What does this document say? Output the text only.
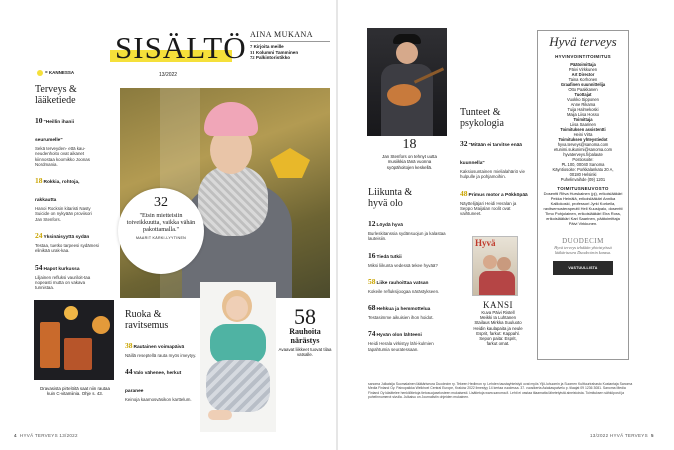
SISÄLTÖ
13/2022
AINA MUKANA
7 Kirjoita meille
31 Kolumni Tamminen
72 Palkintoristikko
= KANNESSA
Terveys & lääketiede
10"Heillin ihanii seurumelle"
Sekä terveyden- että kau-neudenhoito ovat aikanet kiinnostaa koomikko Joonas Nordmania.
18Rokkia, rohtoja, rakkautta
Hanoi Rocksin kitaristi Nasty Suicide on nykyään proviisori Jan Stenfors.
24Yksinäisyyttä sydän
Testaa, tuetko tarpeesi sydämesi elinikää urak-kaa.
54Hapot kurkussa
Liljainen refluksi vauriloit-taa nopeasti mutta on vakava tunnistaa.
32
"Etsin mietteisiin toiveikkuutta, vaikka vähän pakottamalla."
MAARIT KÄRKI-LYYTINEN
Ruoka & ravitsemus
38Rautainen voimapäivä
Näillä reseptellä rauta myös imeytyy.
44Valo vähenee, herkut paranee
Keinoja kaamosväsikon karttelum.
Dravasista pirtelöitä saat niin rautaa kuin C-vitamiinia. Ohje s. 43.
58
Rauhoita närästys
Avaavat liikkeet tuovat tilaa vatsalle.
4 HYVÄ TERVEYS 13/2022
18
Jan Stenfors on tehnyt uutta musiikkia tänä vuonna syöpähoitojen keskellä.
Tunteet & psykologia
32"Mitään ei tarvitse enää kuunnella"
Kaksiosuntainen mielialahäriö vie hulpulle ja pohjamoihin.
48Primus motor a Pökköpää
Näyttelijäjari Heidi Heralan ja Seppo Maijalan roolit ovat vaihtuneet.
Liikunta & hyvä olo
12Löydä hyvä
Burleskitanssia sydänsuojun ja kalastaa lauteisiin.
16Tiedä tutkii
Miksi liikunta vedessä tekee hyvää?
58Liike rauhoittaa vatsan
Kokeile refluksijoogaa närästykseen.
68Hehkua ja hemmottelua
Testasimme aikuisien ihon hoidot.
74Hyvän olon lähteeni
Heidi Herala virkistyy lähi-kulmien tapahtumia seuratessaan.
Hyvä
KANSI
Kuva Päivi Ristell
Meikki Ia Luhtanen
Stailaus Mirkka Suuluoto
Heidin kaulapaita ja neule Esprit, farkut: Kappahl.
Sepon paita: Esprit,
farkut omat.
Hyvä terveys
HYVINVOINTITOIMITUS
Päätoimittaja
Päivi Virkkunen
Art Director
Taina Korhonen
Graafinen suunnittelija
Otto Paakkanen
Tuottajat
Vuokko Sipponen
Anne Rikama
Tuija Halmekoski
Maija Liisa Hosso
Toimittaja
Liisa Saarinen
Toimituksen assistentti
Heini Virta
Toimituksen yhteystiedot
hyva.terveys@sanoma.com
etunimi.sukunimi@sanoma.com
hyvaterveys.fi/palaute
Postiosoite:
PL 100, 00040 Sanoma
Käyntiosoite: Porkkalankatu 20 A,
00180 Helsinki
Puhelinvaihde (09) 1201
TOIMITUSNEUVOSTO
Dosentti Ritva Hurskainen (pj), erikoislääkäri Pekka Heinälä, erikoislääkäri Annika Kalliokoski, professori Jyrki Korkeila, ravitsemusterapeutti Heli Kuusipalo, dosentti Timo Pohjolainen, erikoislääkäri Eira Ross, erikoislääkäri Kari Saarinen, päätoimittaja Päivi Virkkunen.
DUODECIM
Hyvä terveys tehdään yhteistyössä lääkäriseura Duodecimin kanssa.
VASTUULLISTA JOURNALISMIA
sanoma Julkaisija Suomalainen lääkäriseura Duodecim ry. Tekeen Hedlmon ry. Lehden taustayhteistyö ovat myös Yijö-luhuomin ja Suomen Kulttuurirahasto Kustantaja Sanoma Media Finland Oy. Painopaikka Welkhcel Central Europe, Kraków 2022 ilmestyy 14 kertaa vuodessa. 37. vuosikerta Asiakaspalvelu p. tilaajat 09 1236 3081. Sanoma Media Finland Oy käsittelee henkilötietoja tietosuojaselosteen mukaisesti. Lisätietoja www.sanoma.fi. Lehti ei vastaa tilaamatta lähetetyistä aineistoista. Toimituksen sähköposti ja puhelinnumerot sivulla. Julkaisu on Journalistin ohjeiden mukainen.
13/2022 HYVÄ TERVEYS 5
